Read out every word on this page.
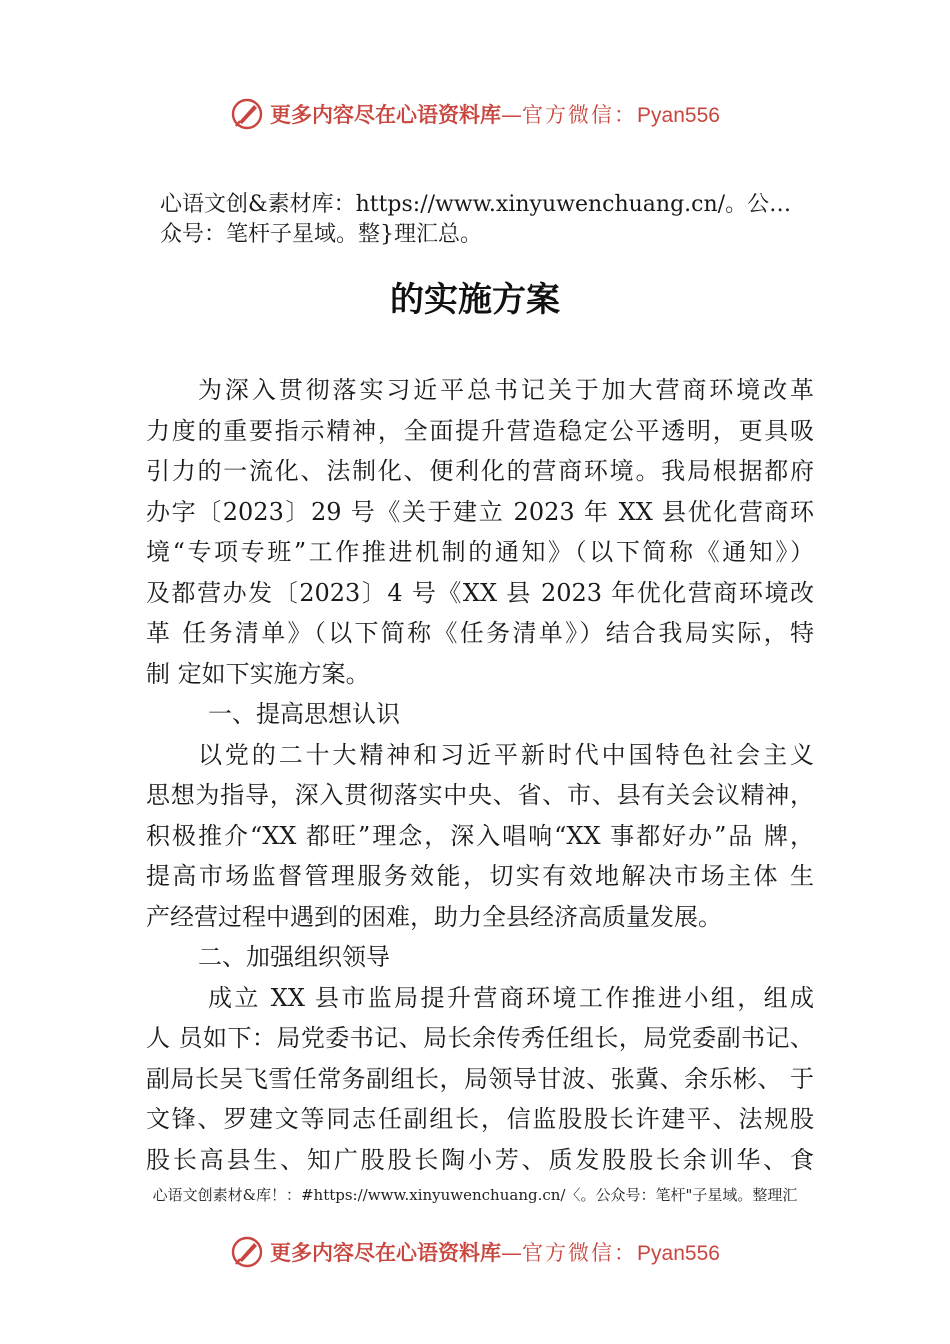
更多内容尽在心语资料库—官方微信：Pyan556
心语文创&素材库：https://www.xinyuwenchuang.cn/。公…
众号：笔杆子星域。整}理汇总。
的实施方案
为深入贯彻落实习近平总书记关于加大营商环境改革
力度的重要指示精神，全面提升营造稳定公平透明，更具吸
引力的一流化、法制化、便利化的营商环境。我局根据都府
办字〔2023〕29 号《关于建立 2023 年 XX 县优化营商环
境“专项专班”工作推进机制的通知》（以下简称《通知》）
及都营办发〔2023〕4 号《XX 县 2023 年优化营商环境改
革 任务清单》（以下简称《任务清单》）结合我局实际，特
制 定如下实施方案。
一、提高思想认识
以党的二十大精神和习近平新时代中国特色社会主义
思想为指导，深入贯彻落实中央、省、市、县有关会议精神，
积极推介“XX 都旺”理念，深入唱响“XX 事都好办”品 牌，
提高市场监督管理服务效能，切实有效地解决市场主体 生
产经营过程中遇到的困难，助力全县经济高质量发展。
二、加强组织领导
成立 XX 县市监局提升营商环境工作推进小组，组成
人 员如下：局党委书记、局长余传秀任组长，局党委副书记、
副局长吴飞雪任常务副组长，局领导甘波、张冀、余乐彬、 于
文锋、罗建文等同志任副组长，信监股股长许建平、法规股
股长高县生、知广股股长陶小芳、质发股股长余训华、食
心语文创素材&库！：#https://www.xinyuwenchuang.cn/〈。公众号：笔杆"子星域。整理汇
更多内容尽在心语资料库—官方微信：Pyan556
